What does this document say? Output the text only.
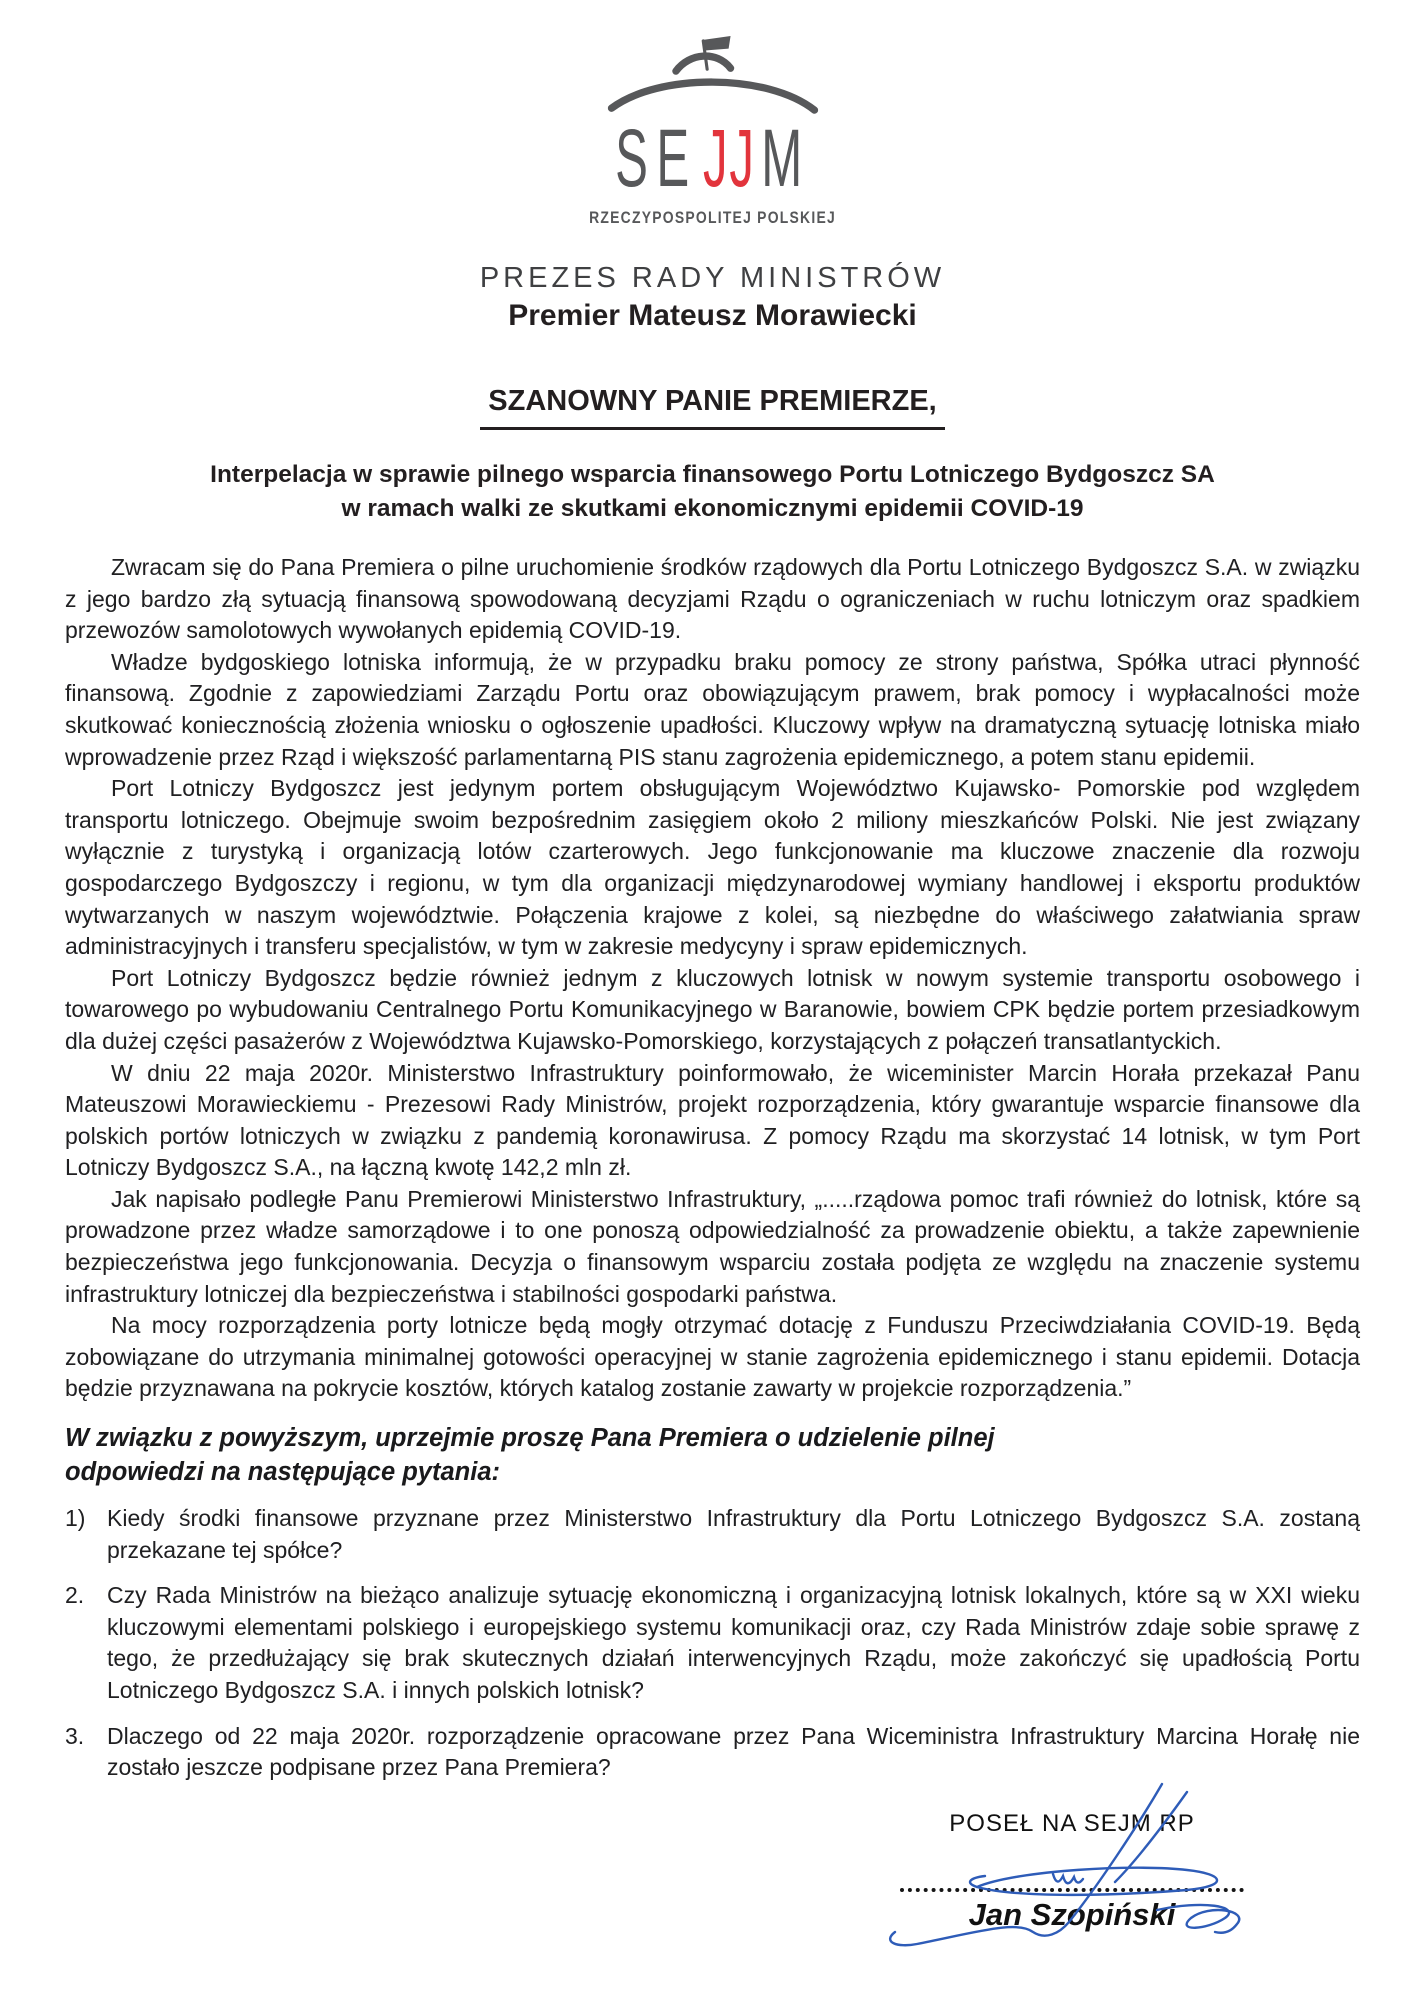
SEJJM
RZECZYPOSPOLITEJ POLSKIEJ
PREZES RADY MINISTRÓW
Premier Mateusz Morawiecki
SZANOWNY PANIE PREMIERZE,
Interpelacja w sprawie pilnego wsparcia finansowego Portu Lotniczego Bydgoszcz SA
w ramach walki ze skutkami ekonomicznymi epidemii COVID-19

Zwracam się do Pana Premiera o pilne uruchomienie środków rządowych dla Portu Lotniczego Bydgoszcz S.A. w związku z jego bardzo złą sytuacją finansową spowodowaną decyzjami Rządu o ograniczeniach w ruchu lotniczym oraz spadkiem przewozów samolotowych wywołanych epidemią COVID-19.

Władze bydgoskiego lotniska informują, że w przypadku braku pomocy ze strony państwa, Spółka utraci płynność finansową. Zgodnie z zapowiedziami Zarządu Portu oraz obowiązującym prawem, brak pomocy i wypłacalności może skutkować koniecznością złożenia wniosku o ogłoszenie upadłości. Kluczowy wpływ na dramatyczną sytuację lotniska miało wprowadzenie przez Rząd i większość parlamentarną PIS stanu zagrożenia epidemicznego, a potem stanu epidemii.

Port Lotniczy Bydgoszcz jest jedynym portem obsługującym Województwo Kujawsko- Pomorskie pod względem transportu lotniczego. Obejmuje swoim bezpośrednim zasięgiem około 2 miliony mieszkańców Polski. Nie jest związany wyłącznie z turystyką i organizacją lotów czarterowych. Jego funkcjonowanie ma kluczowe znaczenie dla rozwoju gospodarczego Bydgoszczy i regionu, w tym dla organizacji międzynarodowej wymiany handlowej i eksportu produktów wytwarzanych w naszym województwie. Połączenia krajowe z kolei, są niezbędne do właściwego załatwiania spraw administracyjnych i transferu specjalistów, w tym w zakresie medycyny i spraw epidemicznych.

Port Lotniczy Bydgoszcz będzie również jednym z kluczowych lotnisk w nowym systemie transportu osobowego i towarowego po wybudowaniu Centralnego Portu Komunikacyjnego w Baranowie, bowiem CPK będzie portem przesiadkowym dla dużej części pasażerów z Województwa Kujawsko-Pomorskiego, korzystających z połączeń transatlantyckich.

W dniu 22 maja 2020r. Ministerstwo Infrastruktury poinformowało, że wiceminister Marcin Horała przekazał Panu Mateuszowi Morawieckiemu - Prezesowi Rady Ministrów, projekt rozporządzenia, który gwarantuje wsparcie finansowe dla polskich portów lotniczych w związku z pandemią koronawirusa. Z pomocy Rządu ma skorzystać 14 lotnisk, w tym Port Lotniczy Bydgoszcz S.A., na łączną kwotę 142,2 mln zł.

Jak napisało podległe Panu Premierowi Ministerstwo Infrastruktury, „.....rządowa pomoc trafi również do lotnisk, które są prowadzone przez władze samorządowe i to one ponoszą odpowiedzialność za prowadzenie obiektu, a także zapewnienie bezpieczeństwa jego funkcjonowania. Decyzja o finansowym wsparciu została podjęta ze względu na znaczenie systemu infrastruktury lotniczej dla bezpieczeństwa i stabilności gospodarki państwa.

Na mocy rozporządzenia porty lotnicze będą mogły otrzymać dotację z Funduszu Przeciwdziałania COVID-19. Będą zobowiązane do utrzymania minimalnej gotowości operacyjnej w stanie zagrożenia epidemicznego i stanu epidemii. Dotacja będzie przyznawana na pokrycie kosztów, których katalog zostanie zawarty w projekcie rozporządzenia.”

W związku z powyższym, uprzejmie proszę Pana Premiera o udzielenie pilnej odpowiedzi na następujące pytania:
1) Kiedy środki finansowe przyznane przez Ministerstwo Infrastruktury dla Portu Lotniczego Bydgoszcz S.A. zostaną przekazane tej spółce?
2. Czy Rada Ministrów na bieżąco analizuje sytuację ekonomiczną i organizacyjną lotnisk lokalnych, które są w XXI wieku kluczowymi elementami polskiego i europejskiego systemu komunikacji oraz, czy Rada Ministrów zdaje sobie sprawę z tego, że przedłużający się brak skutecznych działań interwencyjnych Rządu, może zakończyć się upadłością Portu Lotniczego Bydgoszcz S.A. i innych polskich lotnisk?
3. Dlaczego od 22 maja 2020r. rozporządzenie opracowane przez Pana Wiceministra Infrastruktury Marcina Horałę nie zostało jeszcze podpisane przez Pana Premiera?
POSEŁ NA SEJM RP
Jan Szopiński
